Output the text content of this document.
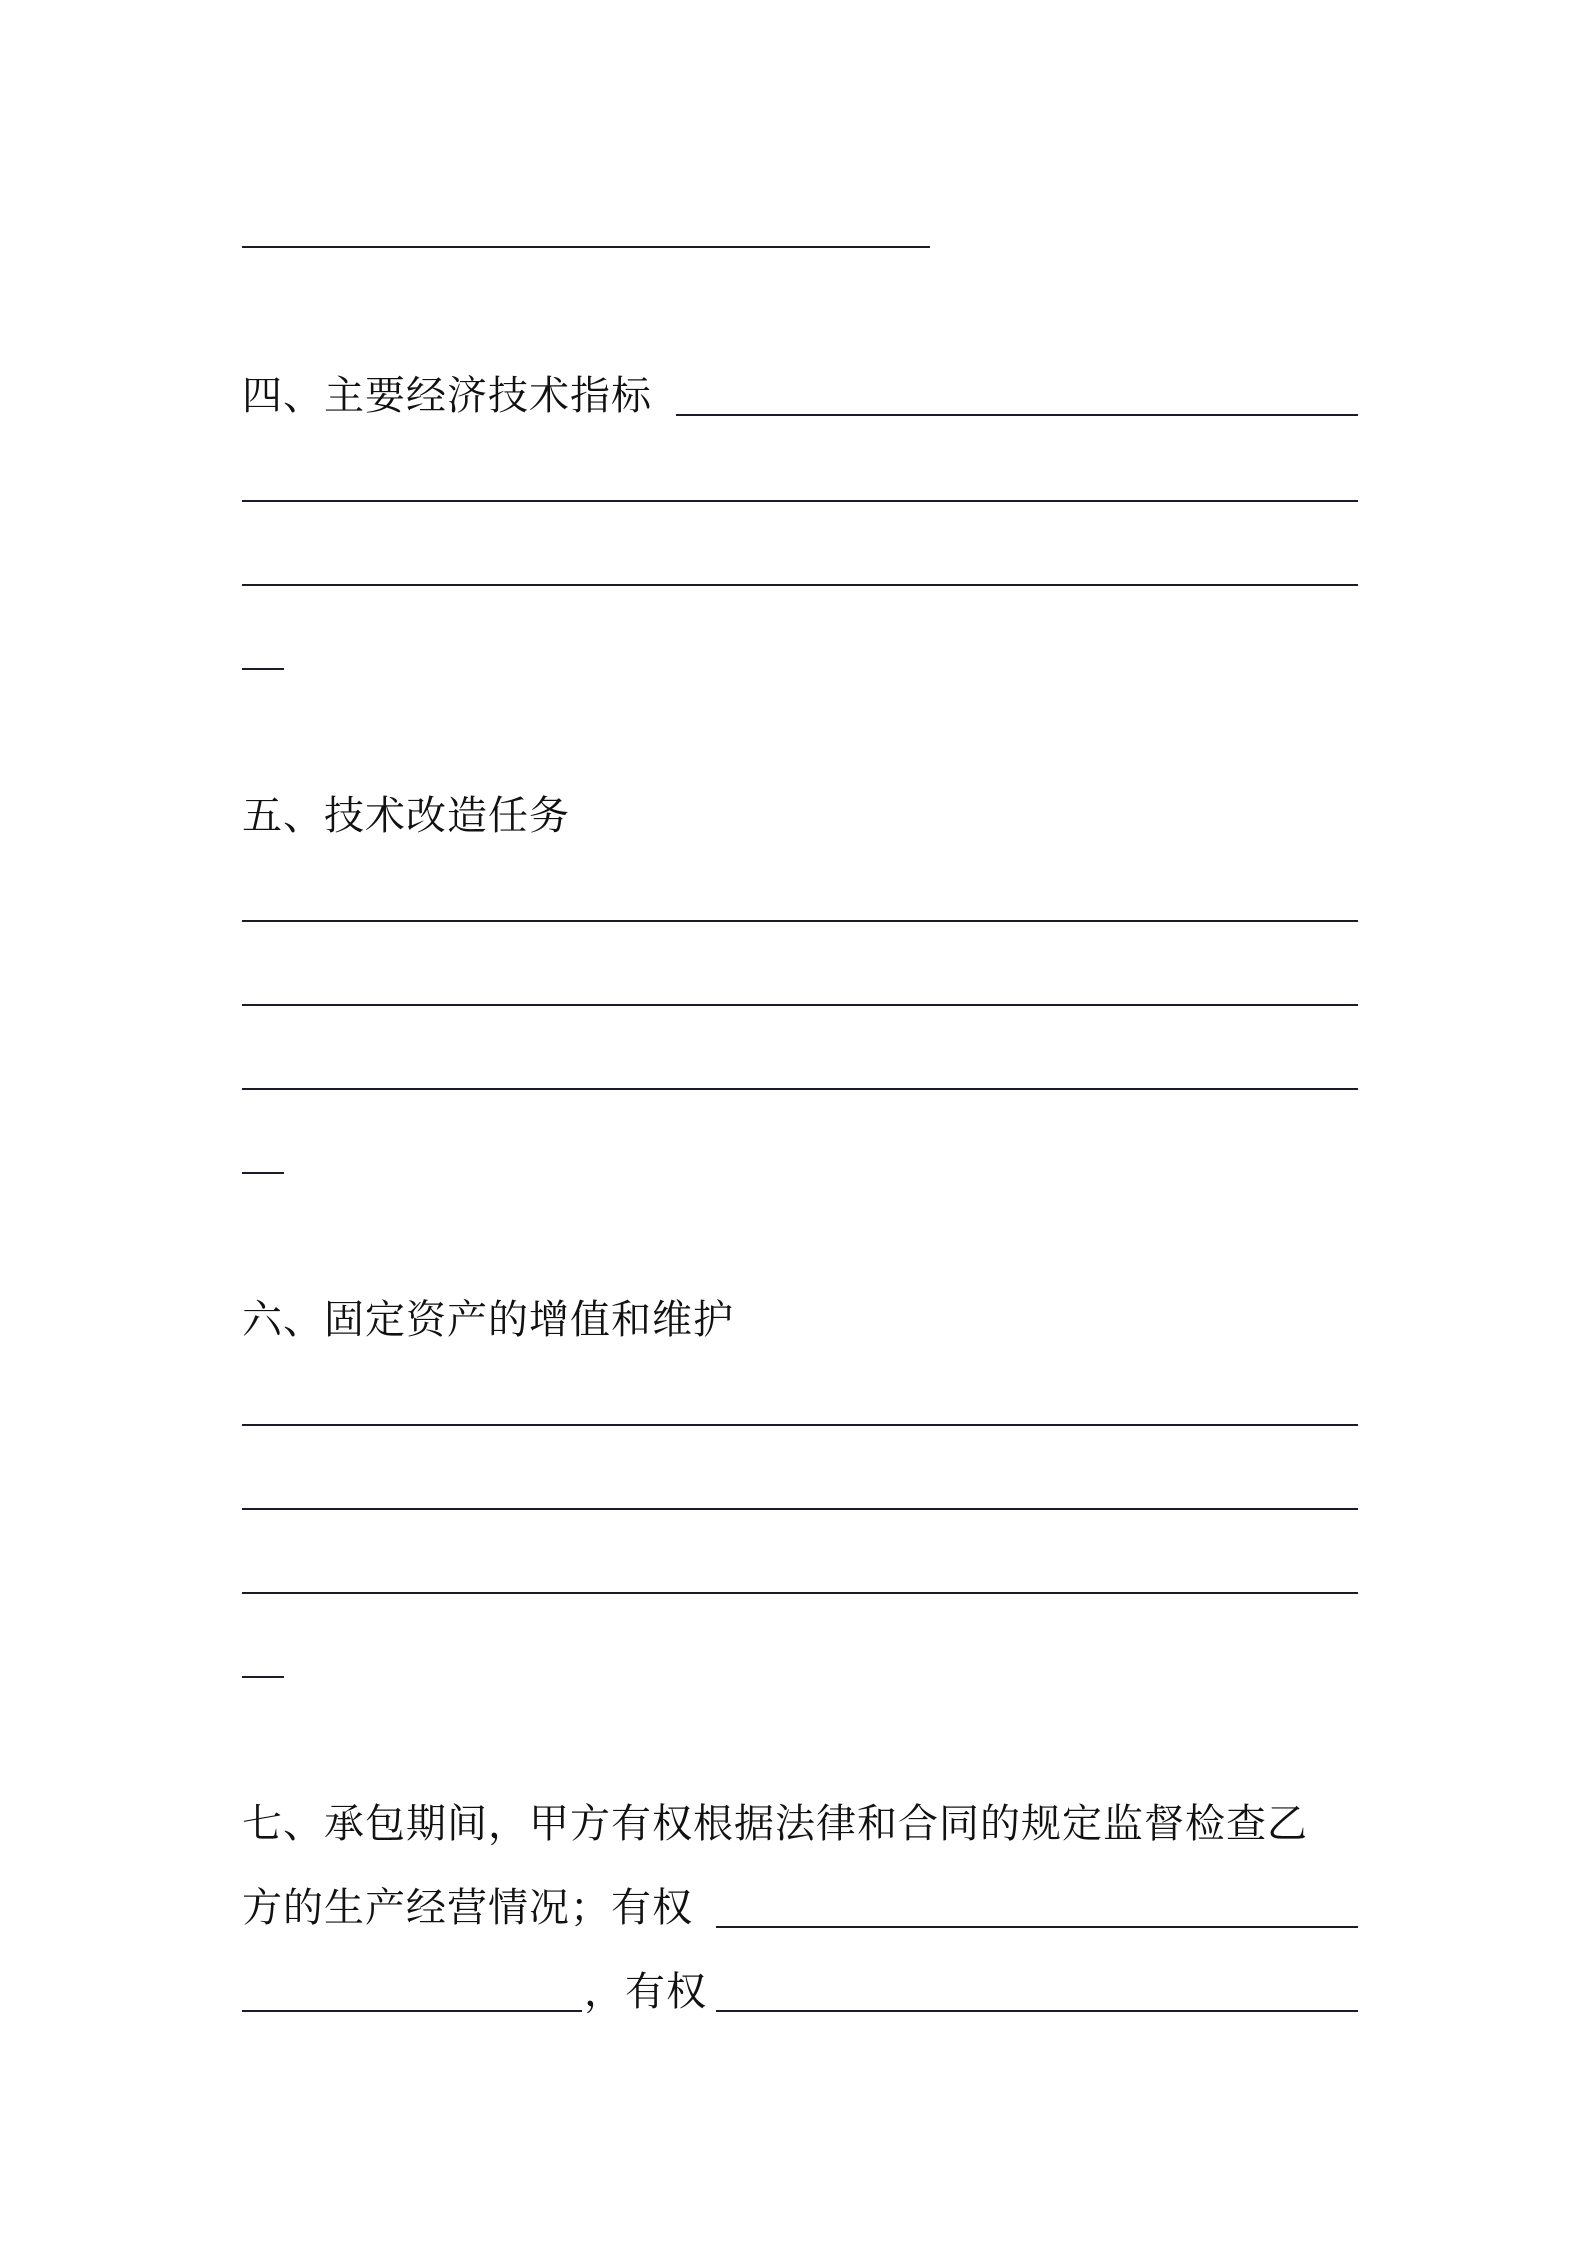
四、主要经济技术指标
五、技术改造任务
六、固定资产的增值和维护
七、承包期间，甲方有权根据法律和合同的规定监督检查乙
方的生产经营情况；有权
，有权
